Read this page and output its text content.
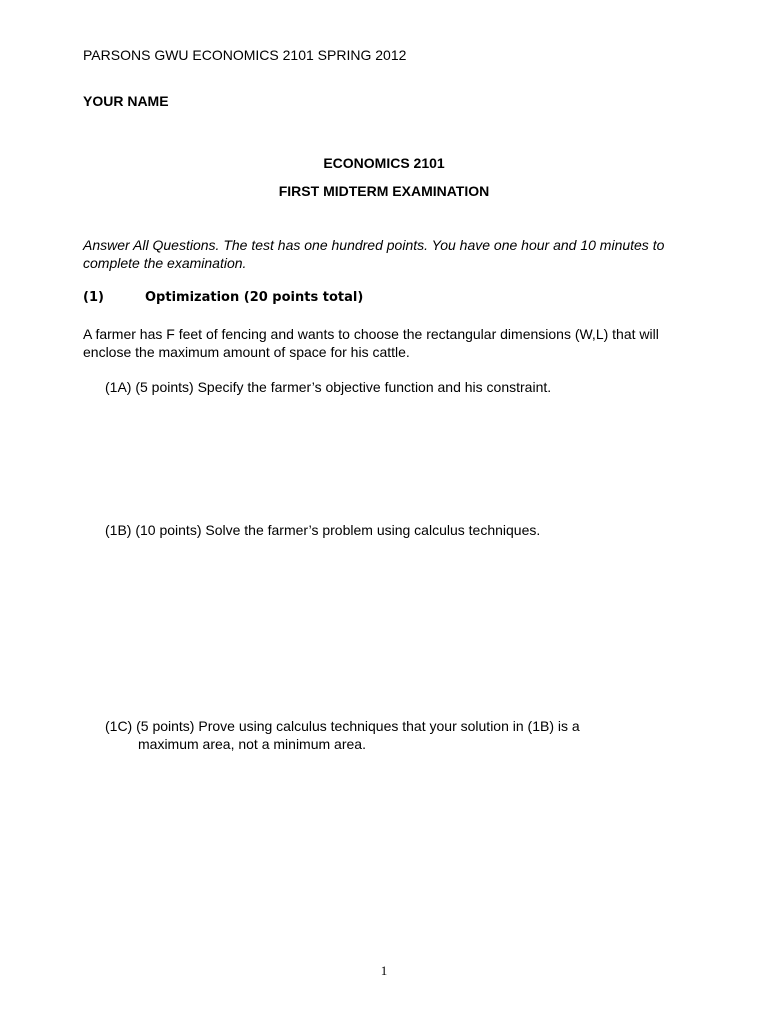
PARSONS GWU ECONOMICS 2101 SPRING 2012
YOUR NAME
ECONOMICS 2101
FIRST MIDTERM EXAMINATION
Answer All Questions. The test has one hundred points. You have one hour and 10 minutes to complete the examination.
(1)	Optimization (20 points total)
A farmer has F feet of fencing and wants to choose the rectangular dimensions (W,L) that will enclose the maximum amount of space for his cattle.
(1A) (5 points) Specify the farmer’s objective function and his constraint.
(1B) (10 points) Solve the farmer’s problem using calculus techniques.
(1C) (5 points) Prove using calculus techniques that your solution in (1B) is a
maximum area, not a minimum area.
1
